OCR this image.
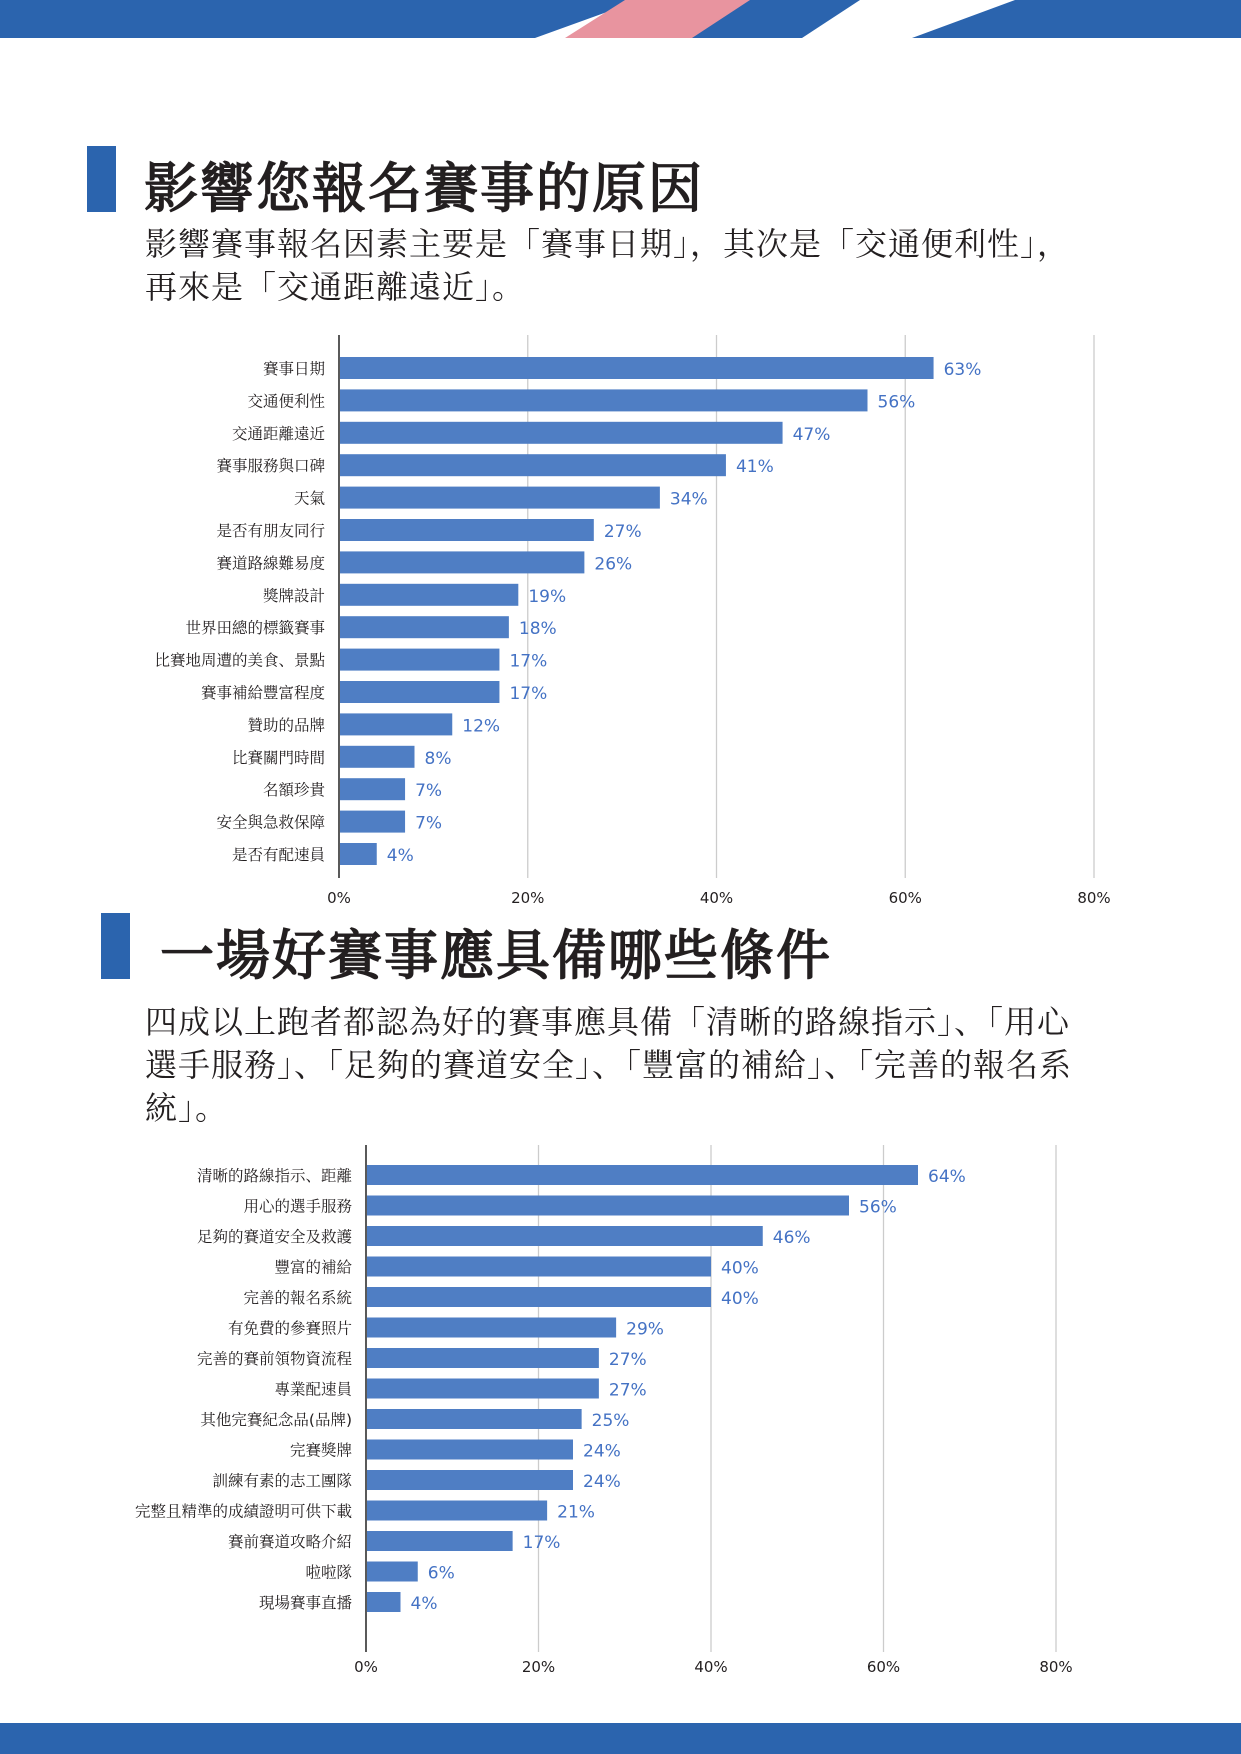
影響您報名賽事的原因

影響賽事報名因素主要是「賽事日期」，其次是「交通便利性」，再來是「交通距離遠近」。

0%	20%	40%	60%	80%
賽事日期	63%
交通便利性	56%
交通距離遠近	47%
賽事服務與口碑	41%
天氣	34%
是否有朋友同行	27%
賽道路線難易度	26%
獎牌設計	19%
世界田總的標籤賽事	18%
比賽地周遭的美食、景點	17%
賽事補給豐富程度	17%
贊助的品牌	12%
比賽關門時間	8%
名額珍貴	7%
安全與急救保障	7%
是否有配速員	4%
一場好賽事應具備哪些條件

四成以上跑者都認為好的賽事應具備「清晰的路線指示」、「用心選手服務」、「足夠的賽道安全」、「豐富的補給」、「完善的報名系統」。

0%	20%	40%	60%	80%
清晰的路線指示、距離	64%
用心的選手服務	56%
足夠的賽道安全及救護	46%
豐富的補給	40%
完善的報名系統	40%
有免費的參賽照片	29%
完善的賽前領物資流程	27%
專業配速員	27%
其他完賽紀念品(品牌)	25%
完賽獎牌	24%
訓練有素的志工團隊	24%
完整且精準的成績證明可供下載	21%
賽前賽道攻略介紹	17%
啦啦隊	6%
現場賽事直播	4%
